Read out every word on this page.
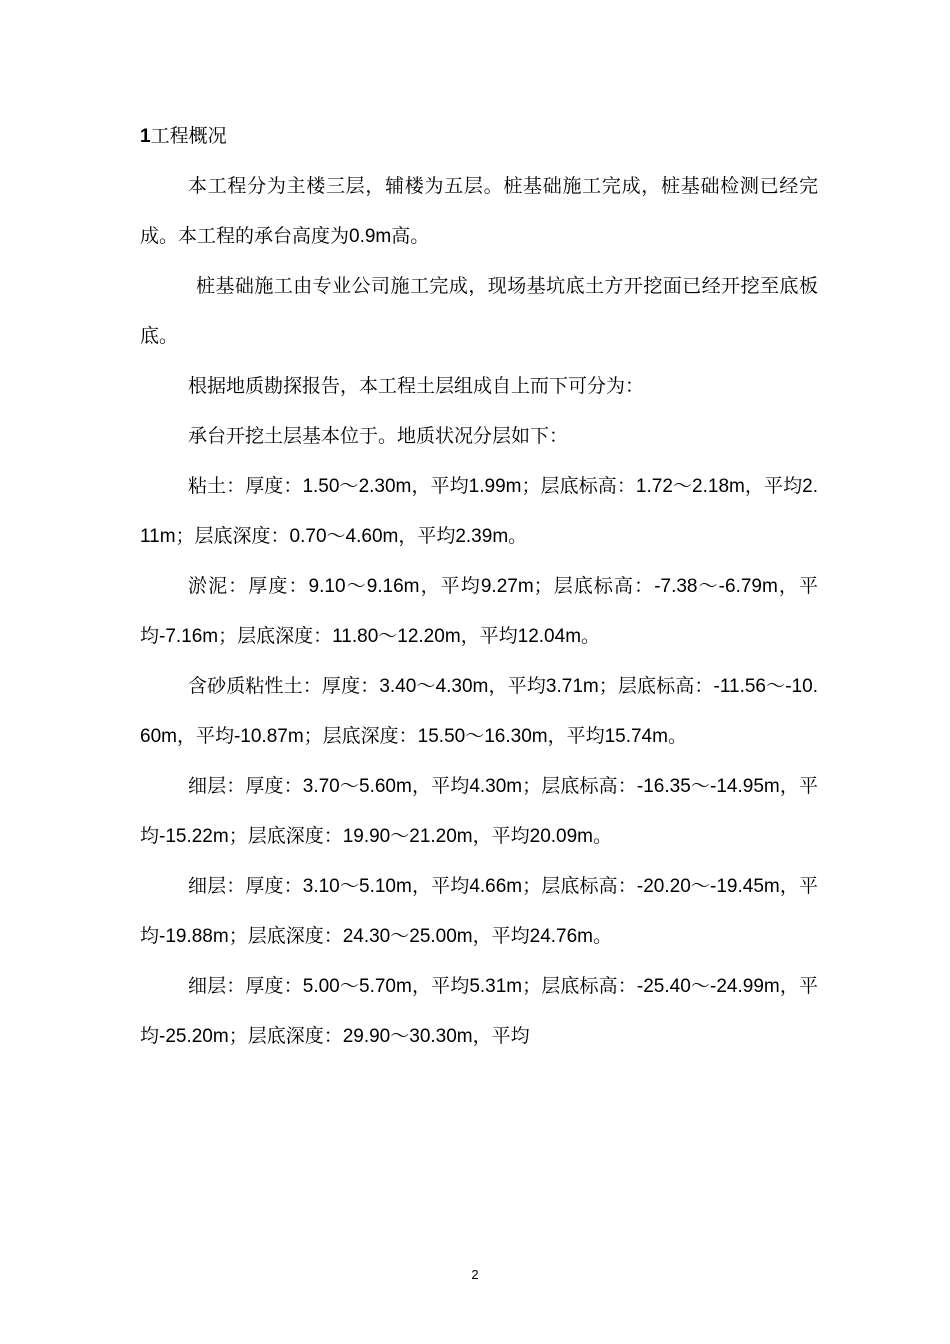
1工程概况

本工程分为主楼三层，辅楼为五层。桩基础施工完成，桩基础检测已经完成。本工程的承台高度为0.9m高。

桩基础施工由专业公司施工完成，现场基坑底土方开挖面已经开挖至底板底。

根据地质勘探报告，本工程土层组成自上而下可分为：

承台开挖土层基本位于。地质状况分层如下：

粘土：厚度：1.50～2.30m，平均1.99m；层底标高：1.72～2.18m，平均2.11m；层底深度：0.70～4.60m，平均2.39m。

淤泥：厚度：9.10～9.16m，平均9.27m；层底标高：-7.38～-6.79m，平均-7.16m；层底深度：11.80～12.20m，平均12.04m。

含砂质粘性土：厚度：3.40～4.30m，平均3.71m；层底标高：-11.56～-10.60m，平均-10.87m；层底深度：15.50～16.30m，平均15.74m。

细层：厚度：3.70～5.60m，平均4.30m；层底标高：-16.35～-14.95m，平均-15.22m；层底深度：19.90～21.20m，平均20.09m。

细层：厚度：3.10～5.10m，平均4.66m；层底标高：-20.20～-19.45m，平均-19.88m；层底深度：24.30～25.00m，平均24.76m。

细层：厚度：5.00～5.70m，平均5.31m；层底标高：-25.40～-24.99m，平均-25.20m；层底深度：29.90～30.30m，平均

2
